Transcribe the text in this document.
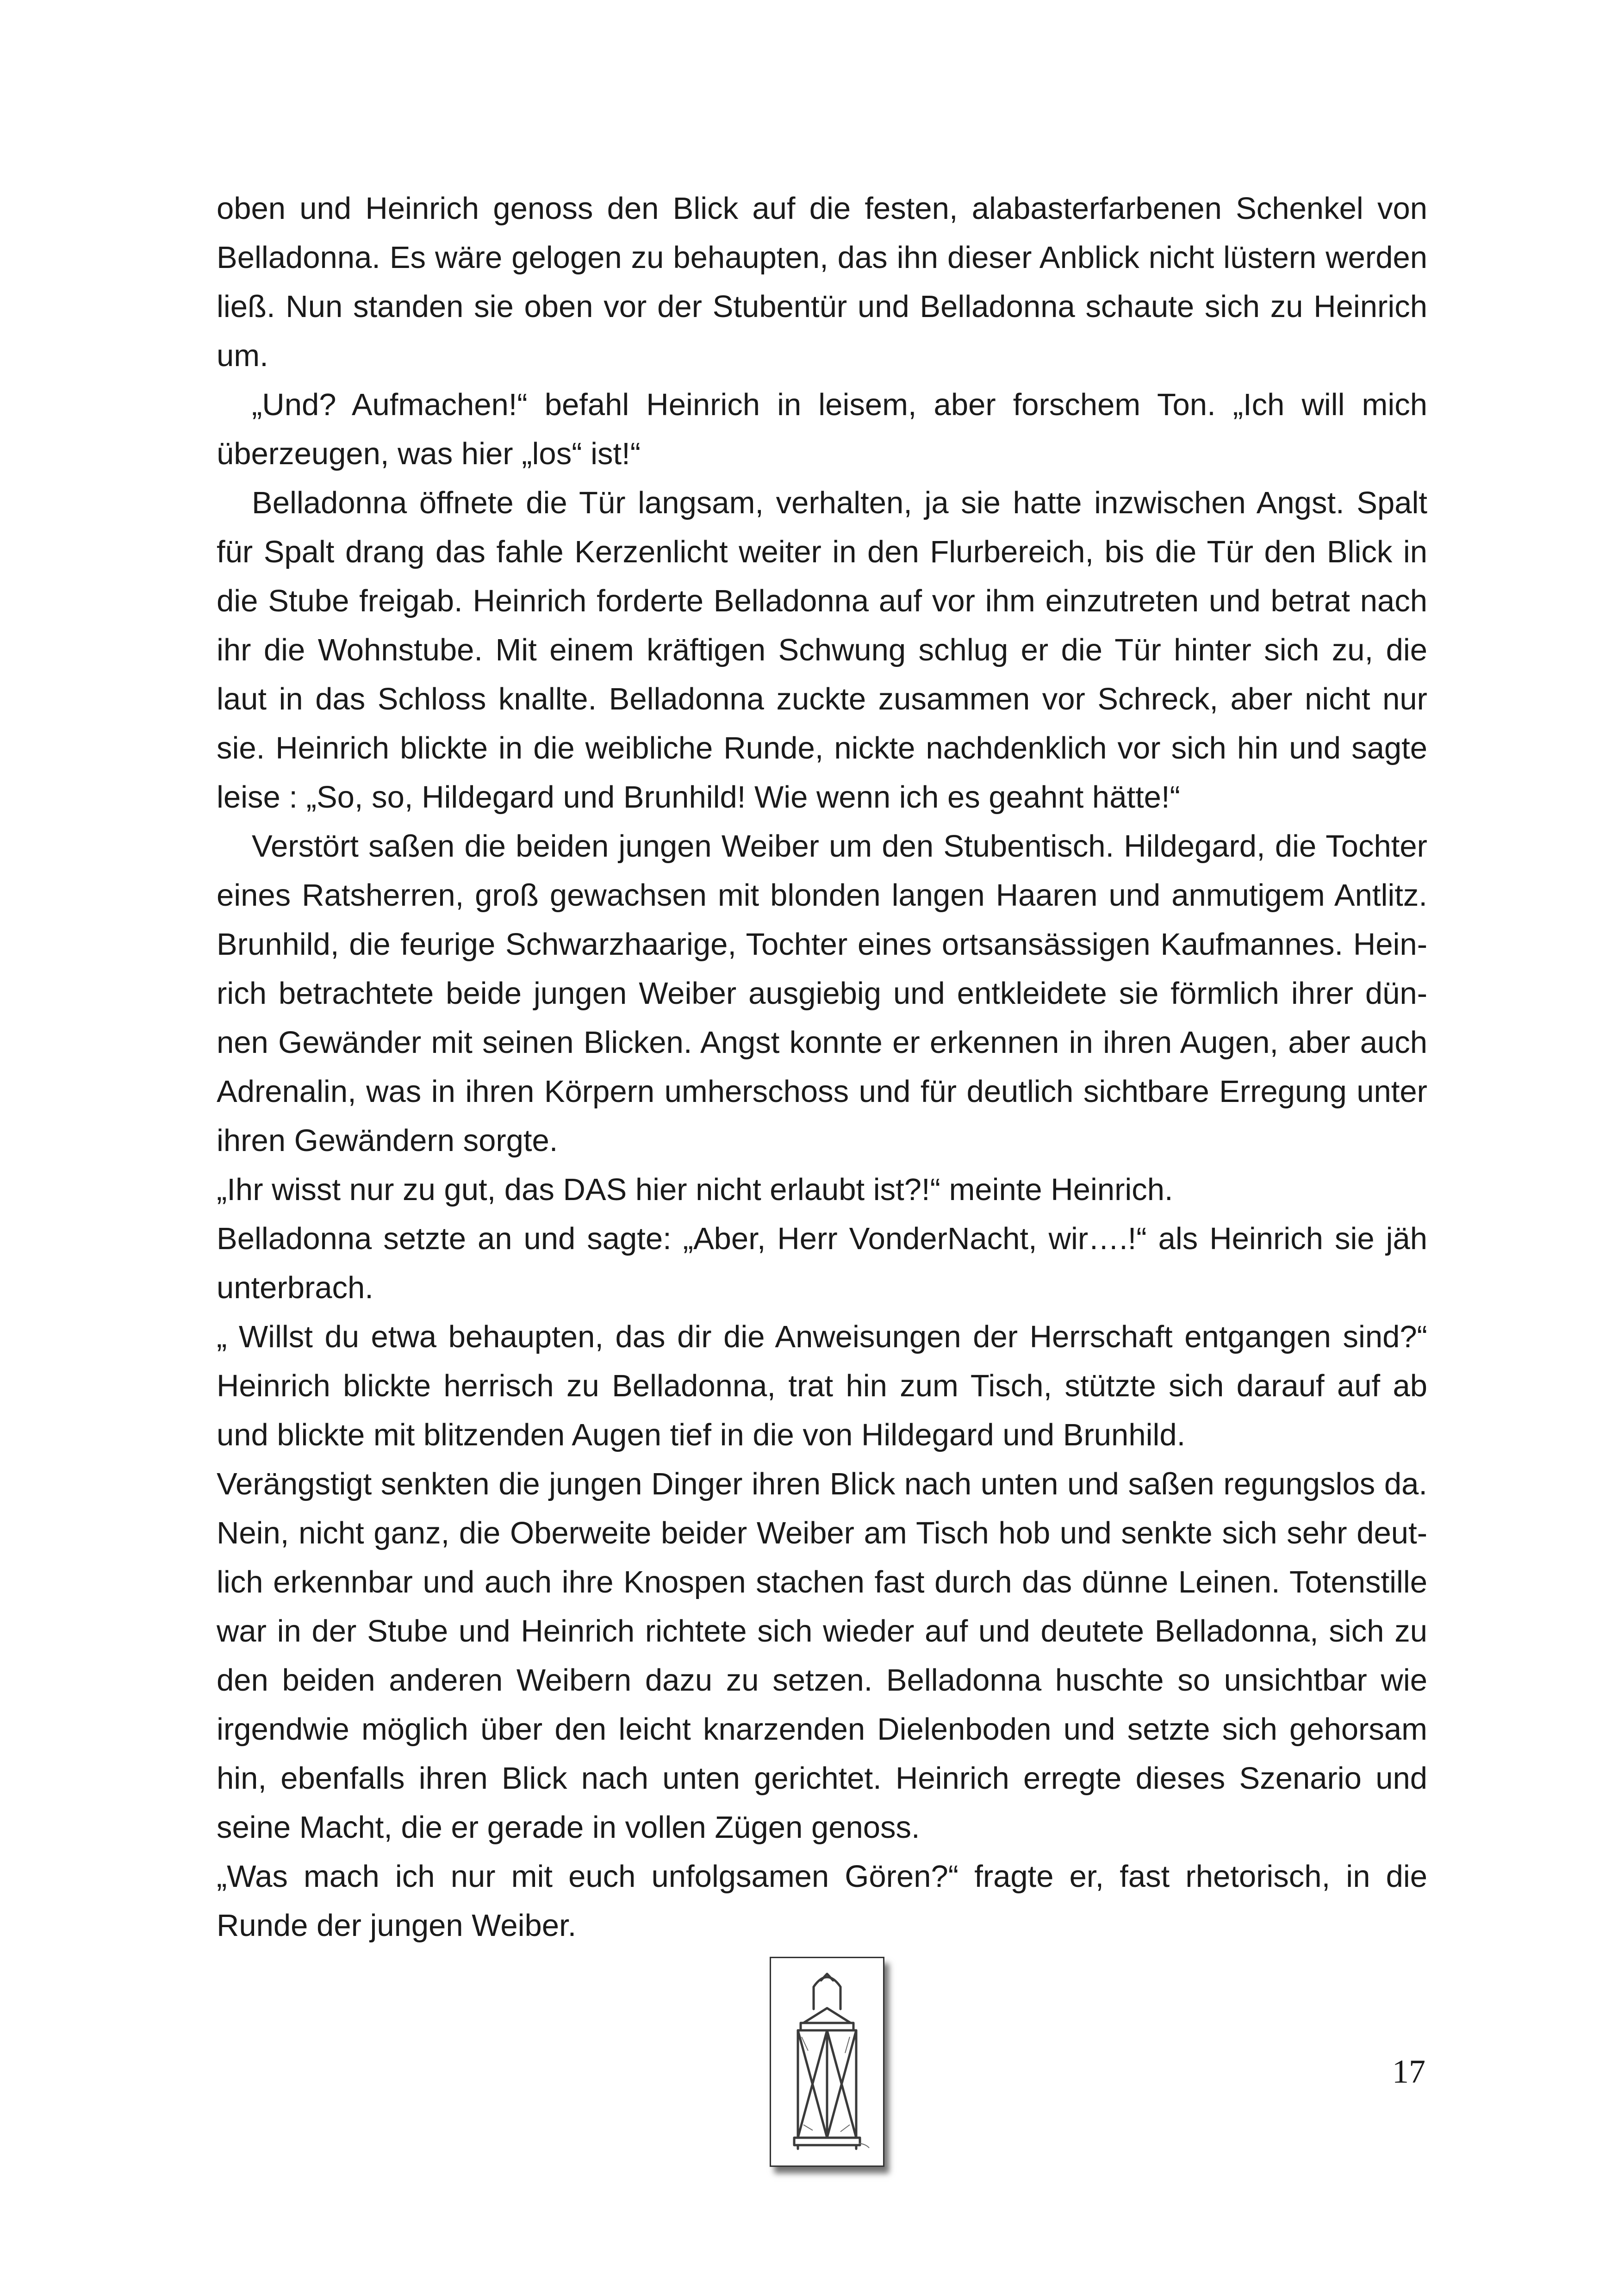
oben und Heinrich genoss den Blick auf die festen, alabasterfarbenen Schenkel von Belladonna. Es wäre gelogen zu behaupten, das ihn dieser Anblick nicht lüstern werden ließ. Nun standen sie oben vor der Stubentür und Belladonna schaute sich zu Heinrich um.

„Und? Aufmachen!“ befahl Heinrich in leisem, aber forschem Ton. „Ich will mich überzeugen, was hier „los“ ist!“

Belladonna öffnete die Tür langsam, verhalten, ja sie hatte inzwischen Angst. Spalt für Spalt drang das fahle Kerzenlicht weiter in den Flurbereich, bis die Tür den Blick in die Stube freigab. Heinrich forderte Belladonna auf vor ihm einzutreten und betrat nach ihr die Wohnstube. Mit einem kräftigen Schwung schlug er die Tür hinter sich zu, die laut in das Schloss knallte. Belladonna zuckte zusammen vor Schreck, aber nicht nur sie. Heinrich blickte in die weibliche Runde, nickte nachdenklich vor sich hin und sagte leise : „So, so, Hildegard und Brunhild! Wie wenn ich es geahnt hätte!“

Verstört saßen die beiden jungen Weiber um den Stubentisch. Hildegard, die Tochter eines Ratsherren, groß gewachsen mit blonden langen Haaren und anmutigem Antlitz. Brunhild, die feurige Schwarzhaarige, Tochter eines ortsansässigen Kaufmannes. Heinrich betrachtete beide jungen Weiber ausgiebig und entkleidete sie förmlich ihrer dünnen Gewänder mit seinen Blicken. Angst konnte er erkennen in ihren Augen, aber auch Adrenalin, was in ihren Körpern umherschoss und für deutlich sichtbare Erregung unter ihren Gewändern sorgte.

„Ihr wisst nur zu gut, das DAS hier nicht erlaubt ist?!“ meinte Heinrich.

Belladonna setzte an und sagte: „Aber, Herr VonderNacht, wir….!“ als Heinrich sie jäh unterbrach.

„ Willst du etwa behaupten, das dir die Anweisungen der Herrschaft entgangen sind?“ Heinrich blickte herrisch zu Belladonna, trat hin zum Tisch, stützte sich darauf auf ab und blickte mit blitzenden Augen tief in die von Hildegard und Brunhild.

Verängstigt senkten die jungen Dinger ihren Blick nach unten und saßen regungslos da. Nein, nicht ganz, die Oberweite beider Weiber am Tisch hob und senkte sich sehr deutlich erkennbar und auch ihre Knospen stachen fast durch das dünne Leinen. Totenstille war in der Stube und Heinrich richtete sich wieder auf und deutete Belladonna, sich zu den beiden anderen Weibern dazu zu setzen. Belladonna huschte so unsichtbar wie irgendwie möglich über den leicht knarzenden Dielenboden und setzte sich gehorsam hin, ebenfalls ihren Blick nach unten gerichtet. Heinrich erregte dieses Szenario und seine Macht, die er gerade in vollen Zügen genoss.

„Was mach ich nur mit euch unfolgsamen Gören?“ fragte er, fast rhetorisch, in die Runde der jungen Weiber.

17
